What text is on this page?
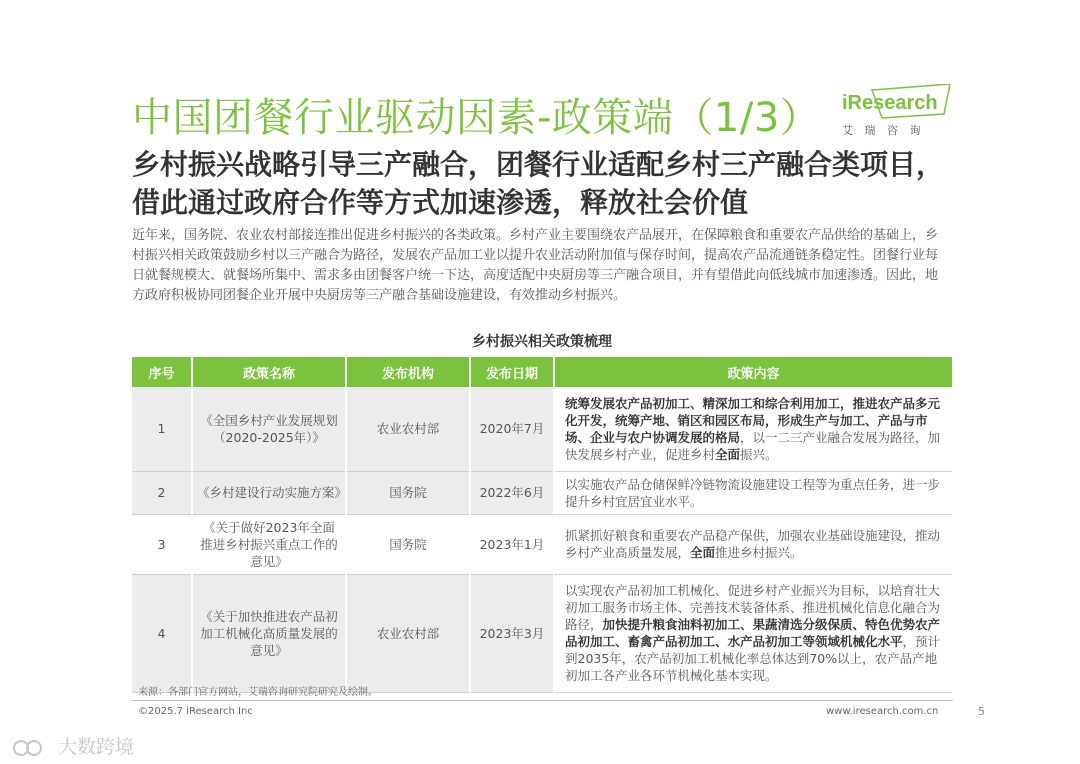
中国团餐行业驱动因素-政策端（1/3） iResearch
艾 瑞 咨 询
乡村振兴战略引导三产融合，团餐行业适配乡村三产融合类项目，借此通过政府合作等方式加速渗透，释放社会价值
近年来，国务院、农业农村部接连推出促进乡村振兴的各类政策。乡村产业主要围绕农产品展开，在保障粮食和重要农产品供给的基础上，乡村振兴相关政策鼓励乡村以三产融合为路径，发展农产品加工业以提升农业活动附加值与保存时间，提高农产品流通链条稳定性。团餐行业每日就餐规模大、就餐场所集中、需求多由团餐客户统一下达，高度适配中央厨房等三产融合项目，并有望借此向低线城市加速渗透。因此，地方政府积极协同团餐企业开展中央厨房等三产融合基础设施建设，有效推动乡村振兴。
乡村振兴相关政策梳理
序号	政策名称	发布机构	发布日期	政策内容
1	《全国乡村产业发展规划（2020-2025年）》	农业农村部	2020年7月	统筹发展农产品初加工、精深加工和综合利用加工，推进农产品多元化开发，统筹产地、销区和园区布局，形成生产与加工、产品与市场、企业与农户协调发展的格局，以一二三产业融合发展为路径，加快发展乡村产业，促进乡村全面振兴。
2	《乡村建设行动实施方案》	国务院	2022年6月	以实施农产品仓储保鲜冷链物流设施建设工程等为重点任务，进一步提升乡村宜居宜业水平。
3	《关于做好2023年全面推进乡村振兴重点工作的意见》	国务院	2023年1月	抓紧抓好粮食和重要农产品稳产保供，加强农业基础设施建设，推动乡村产业高质量发展，全面推进乡村振兴。
4	《关于加快推进农产品初加工机械化高质量发展的意见》	农业农村部	2023年3月	以实现农产品初加工机械化、促进乡村产业振兴为目标，以培育壮大初加工服务市场主体、完善技术装备体系、推进机械化信息化融合为路径，加快提升粮食油料初加工、果蔬清选分级保质、特色优势农产品初加工、畜禽产品初加工、水产品初加工等领域机械化水平，预计到2035年，农产品初加工机械化率总体达到70%以上，农产品产地初加工各产业各环节机械化基本实现。
来源：各部门官方网站，艾瑞咨询研究院研究及绘制。
©2025.7 iResearch Inc	www.iresearch.com.cn	5
大数跨境
